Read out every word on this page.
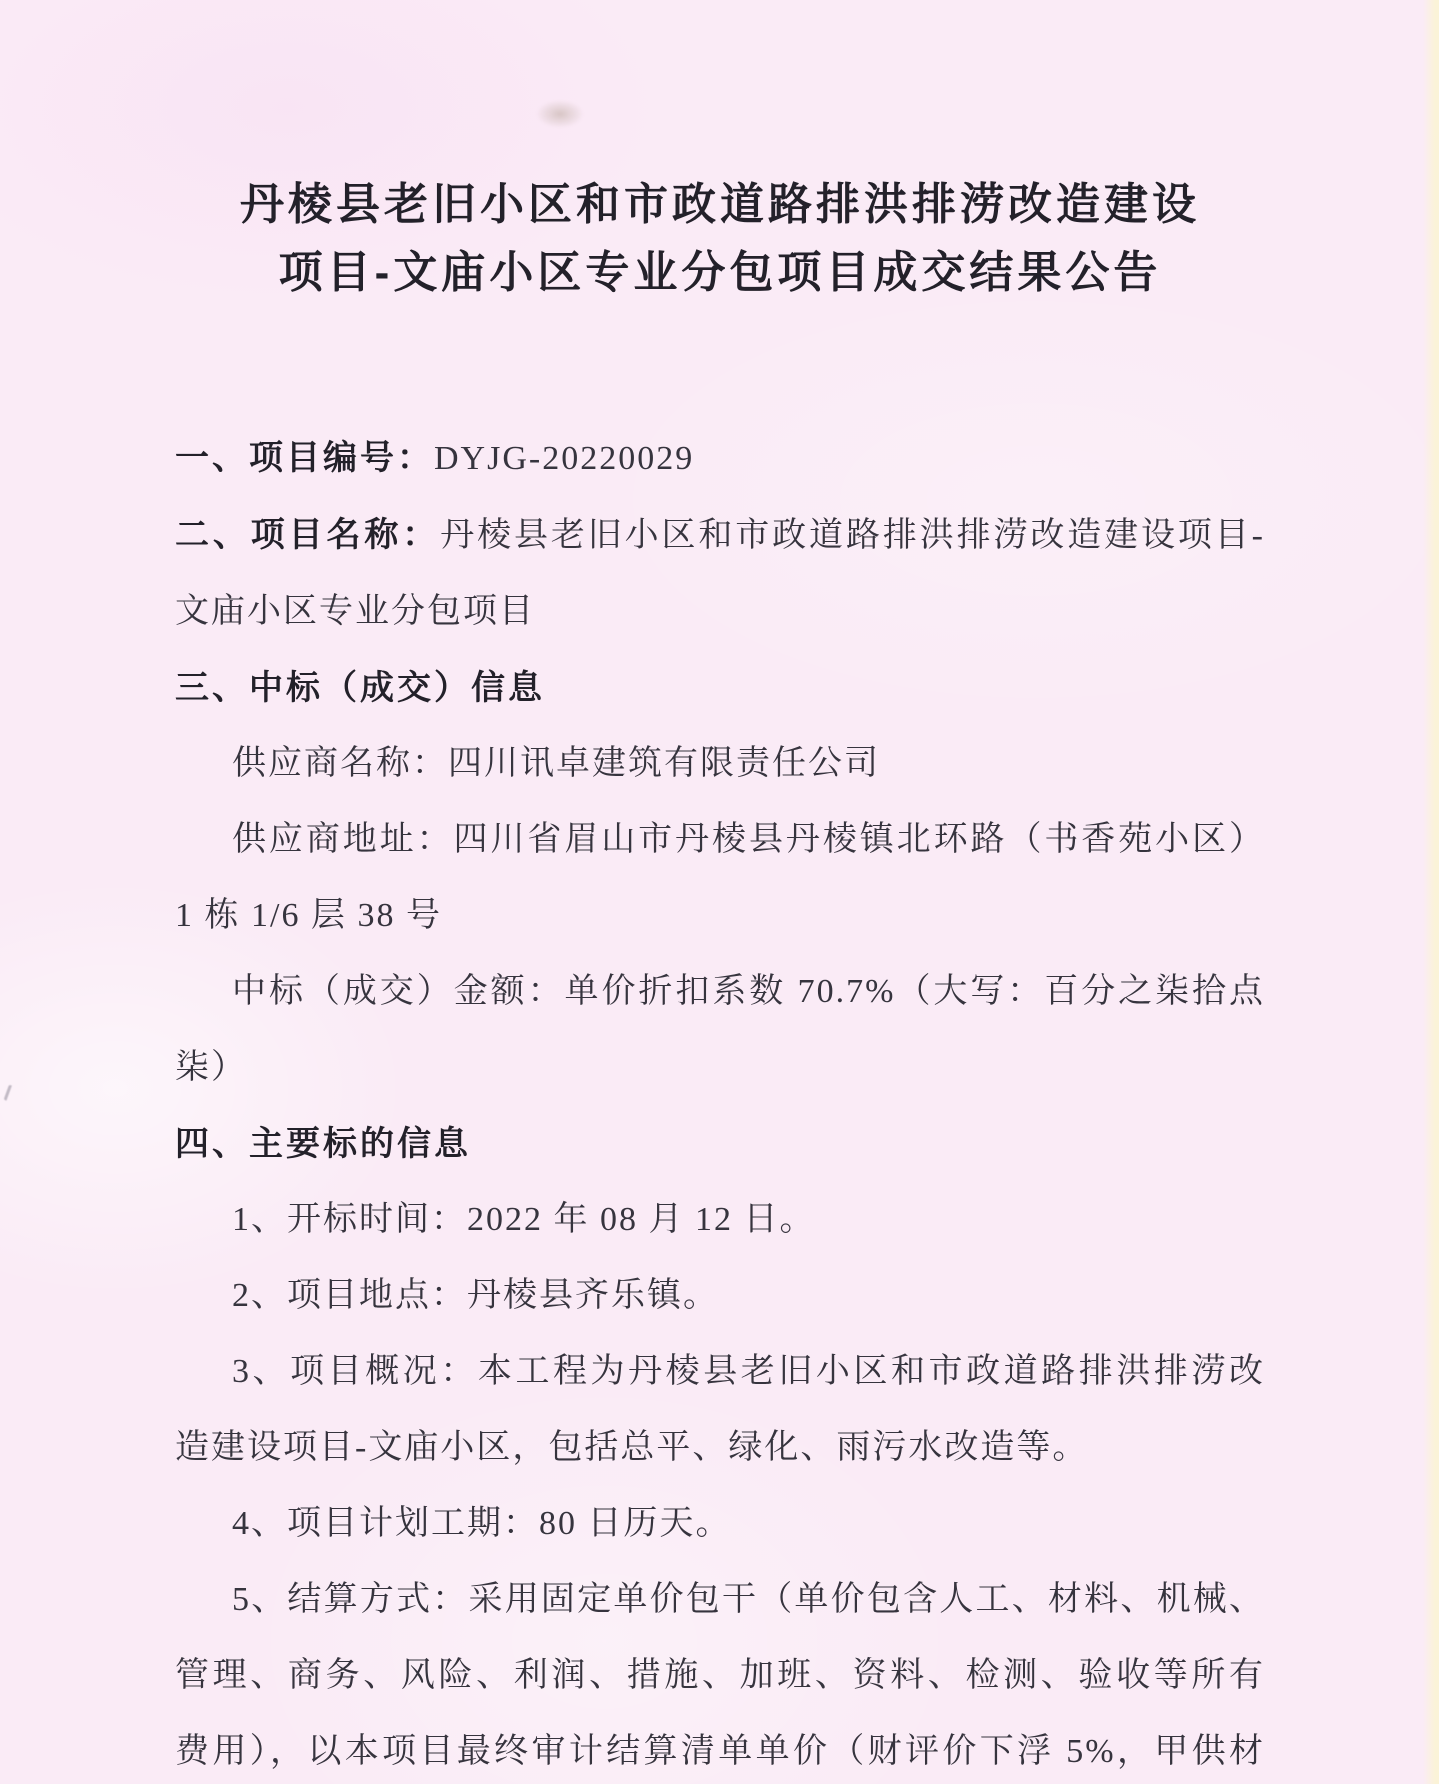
丹棱县老旧小区和市政道路排洪排涝改造建设
项目-文庙小区专业分包项目成交结果公告

一、项目编号：DYJG-20220029

二、项目名称：丹棱县老旧小区和市政道路排洪排涝改造建设项目-

文庙小区专业分包项目

三、中标（成交）信息

供应商名称：四川讯卓建筑有限责任公司

供应商地址：四川省眉山市丹棱县丹棱镇北环路（书香苑小区）

1 栋 1/6 层 38 号

中标（成交）金额：单价折扣系数 70.7%（大写：百分之柒拾点

柒）

四、主要标的信息

1、开标时间：2022 年 08 月 12 日。

2、项目地点：丹棱县齐乐镇。

3、项目概况：本工程为丹棱县老旧小区和市政道路排洪排涝改

造建设项目-文庙小区，包括总平、绿化、雨污水改造等。

4、项目计划工期：80 日历天。

5、结算方式：采用固定单价包干（单价包含人工、材料、机械、

管理、商务、风险、利润、措施、加班、资料、检测、验收等所有

费用），以本项目最终审计结算清单单价（财评价下浮 5%，甲供材
